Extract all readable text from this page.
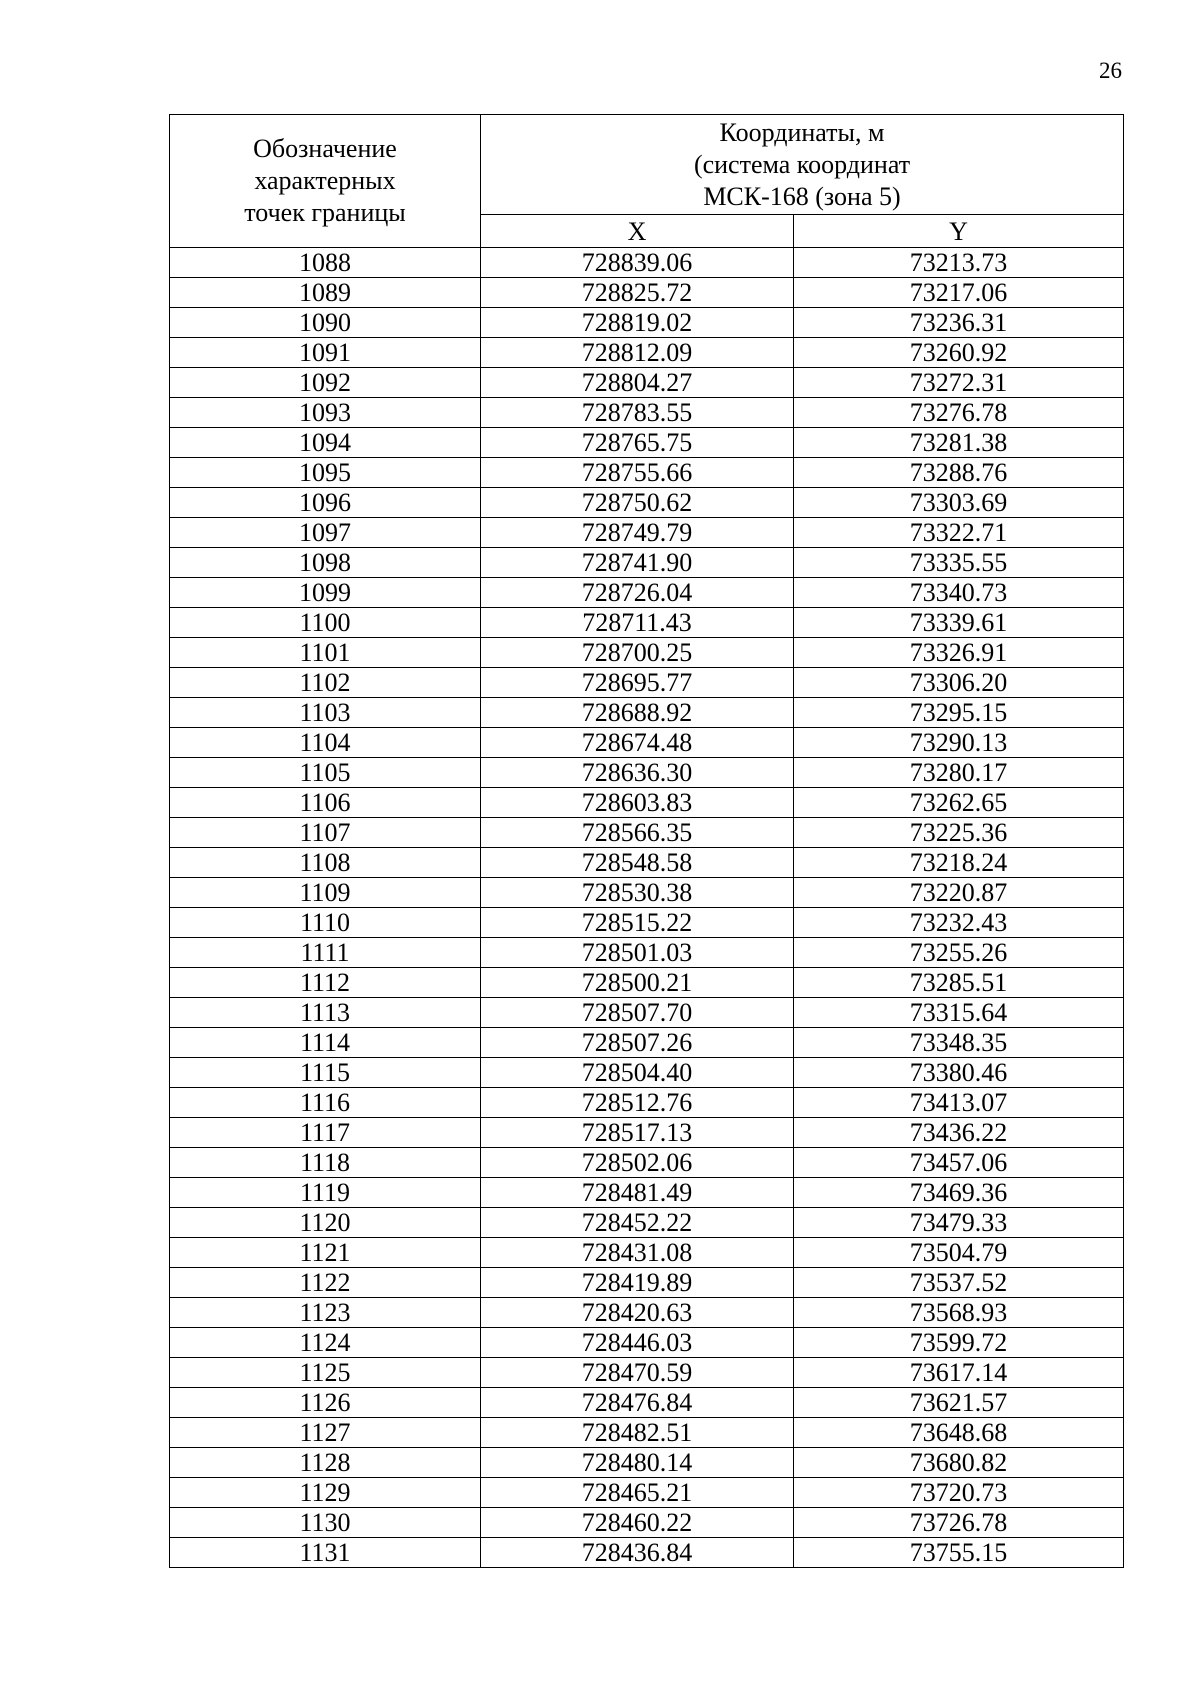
26
Обозначение
характерных
точек границы	Координаты, м
(система координат
МСК-168 (зона 5)	

	X	Y
1088	728839.06	73213.73
1089	728825.72	73217.06
1090	728819.02	73236.31
1091	728812.09	73260.92
1092	728804.27	73272.31
1093	728783.55	73276.78
1094	728765.75	73281.38
1095	728755.66	73288.76
1096	728750.62	73303.69
1097	728749.79	73322.71
1098	728741.90	73335.55
1099	728726.04	73340.73
1100	728711.43	73339.61
1101	728700.25	73326.91
1102	728695.77	73306.20
1103	728688.92	73295.15
1104	728674.48	73290.13
1105	728636.30	73280.17
1106	728603.83	73262.65
1107	728566.35	73225.36
1108	728548.58	73218.24
1109	728530.38	73220.87
1110	728515.22	73232.43
1111	728501.03	73255.26
1112	728500.21	73285.51
1113	728507.70	73315.64
1114	728507.26	73348.35
1115	728504.40	73380.46
1116	728512.76	73413.07
1117	728517.13	73436.22
1118	728502.06	73457.06
1119	728481.49	73469.36
1120	728452.22	73479.33
1121	728431.08	73504.79
1122	728419.89	73537.52
1123	728420.63	73568.93
1124	728446.03	73599.72
1125	728470.59	73617.14
1126	728476.84	73621.57
1127	728482.51	73648.68
1128	728480.14	73680.82
1129	728465.21	73720.73
1130	728460.22	73726.78
1131	728436.84	73755.15
